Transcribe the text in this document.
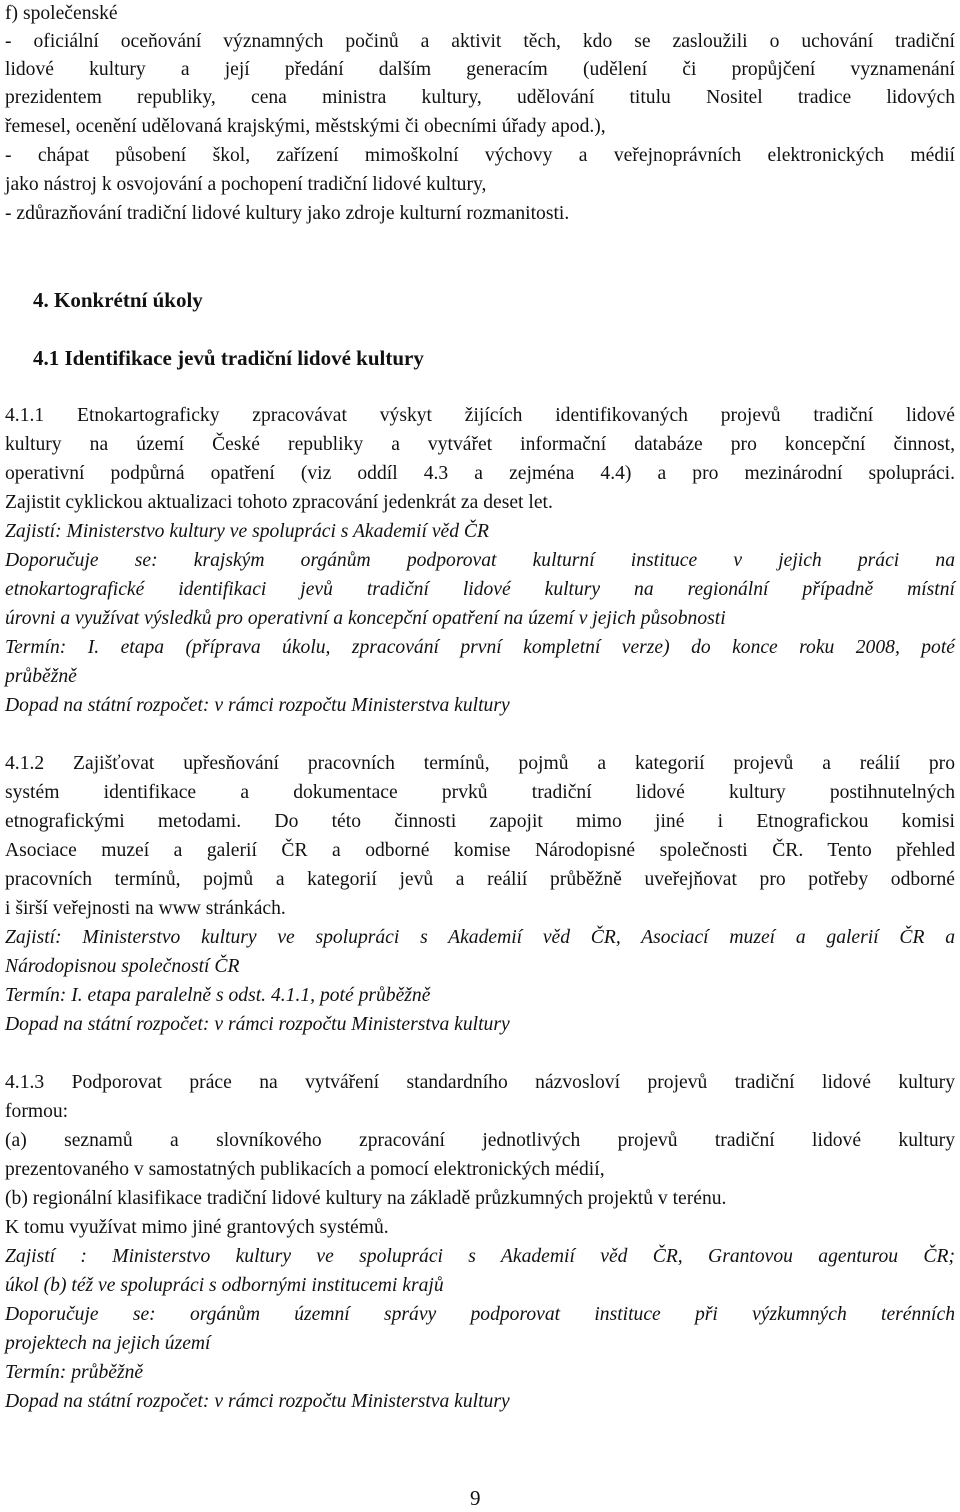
f) společenské
- oficiální oceňování významných počinů a aktivit těch, kdo se zasloužili o uchování tradiční
lidové kultury a její předání dalším generacím (udělení či propůjčení vyznamenání
prezidentem republiky, cena ministra kultury, udělování titulu Nositel tradice lidových
řemesel, ocenění udělovaná krajskými, městskými či obecními úřady apod.),
- chápat působení škol, zařízení mimoškolní výchovy a veřejnoprávních elektronických médií
jako nástroj k osvojování a pochopení tradiční lidové kultury,
- zdůrazňování tradiční lidové kultury jako zdroje kulturní rozmanitosti.
4. Konkrétní úkoly
4.1 Identifikace jevů tradiční lidové kultury
4.1.1 Etnokartograficky zpracovávat výskyt žijících identifikovaných projevů tradiční lidové
kultury na území České republiky a vytvářet informační databáze pro koncepční činnost,
operativní podpůrná opatření (viz oddíl 4.3 a zejména 4.4) a pro mezinárodní spolupráci.
Zajistit cyklickou aktualizaci tohoto zpracování jedenkrát za deset let.
Zajistí: Ministerstvo kultury ve spolupráci s Akademií věd ČR
Doporučuje se: krajským orgánům podporovat kulturní instituce v jejich práci na
etnokartografické identifikaci jevů tradiční lidové kultury na regionální případně místní
úrovni a využívat výsledků pro operativní a koncepční opatření na území v jejich působnosti
Termín: I. etapa (příprava úkolu, zpracování první kompletní verze) do konce roku 2008, poté
průběžně
Dopad na státní rozpočet: v rámci rozpočtu Ministerstva kultury
4.1.2 Zajišťovat upřesňování pracovních termínů, pojmů a kategorií projevů a reálií pro
systém identifikace a dokumentace prvků tradiční lidové kultury postihnutelných
etnografickými metodami. Do této činnosti zapojit mimo jiné i Etnografickou komisi
Asociace muzeí a galerií ČR a odborné komise Národopisné společnosti ČR. Tento přehled
pracovních termínů, pojmů a kategorií jevů a reálií průběžně uveřejňovat pro potřeby odborné
i širší veřejnosti na www stránkách.
Zajistí: Ministerstvo kultury ve spolupráci s Akademií věd ČR, Asociací muzeí a galerií ČR a
Národopisnou společností ČR
Termín: I. etapa paralelně s odst. 4.1.1, poté průběžně
Dopad na státní rozpočet: v rámci rozpočtu Ministerstva kultury
4.1.3 Podporovat práce na vytváření standardního názvosloví projevů tradiční lidové kultury
formou:
(a) seznamů a slovníkového zpracování jednotlivých projevů tradiční lidové kultury
prezentovaného v samostatných publikacích a pomocí elektronických médií,
(b) regionální klasifikace tradiční lidové kultury na základě průzkumných projektů v terénu.
K tomu využívat mimo jiné grantových systémů.
Zajistí : Ministerstvo kultury ve spolupráci s Akademií věd ČR, Grantovou agenturou ČR;
úkol (b) též ve spolupráci s odbornými institucemi krajů
Doporučuje se: orgánům územní správy podporovat instituce při výzkumných terénních
projektech na jejich území
Termín: průběžně
Dopad na státní rozpočet: v rámci rozpočtu Ministerstva kultury
9
